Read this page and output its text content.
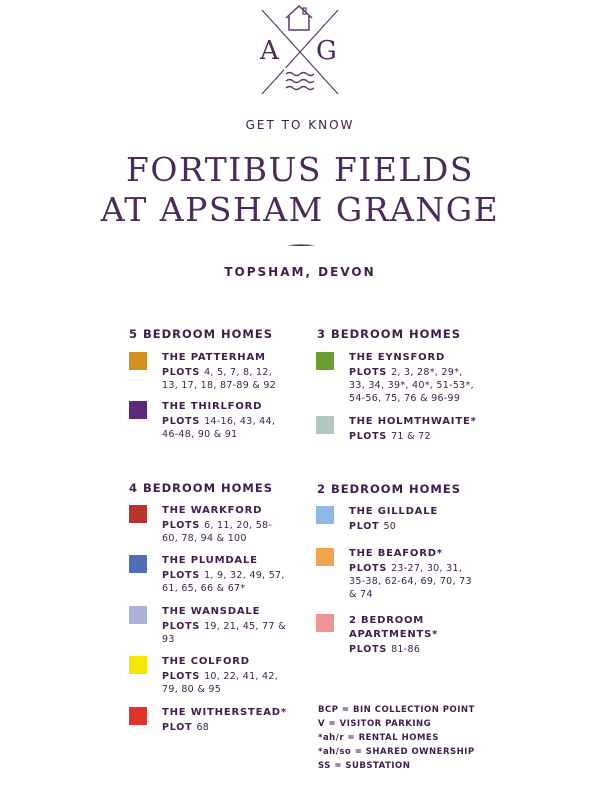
A G
GET TO KNOW
FORTIBUS FIELDS
AT APSHAM GRANGE
TOPSHAM, DEVON
5 BEDROOM HOMES
THE PATTERHAM
PLOTS 4, 5, 7, 8, 12, 13, 17, 18, 87-89 & 92
THE THIRLFORD
PLOTS 14-16, 43, 44, 46-48, 90 & 91
3 BEDROOM HOMES
THE EYNSFORD
PLOTS 2, 3, 28*, 29*, 33, 34, 39*, 40*, 51-53*, 54-56, 75, 76 & 96-99
THE HOLMTHWAITE*
PLOTS 71 & 72
4 BEDROOM HOMES
THE WARKFORD
PLOTS 6, 11, 20, 58-60, 78, 94 & 100
THE PLUMDALE
PLOTS 1, 9, 32, 49, 57, 61, 65, 66 & 67*
THE WANSDALE
PLOTS 19, 21, 45, 77 & 93
THE COLFORD
PLOTS 10, 22, 41, 42, 79, 80 & 95
THE WITHERSTEAD*
PLOT 68
2 BEDROOM HOMES
THE GILLDALE
PLOT 50
THE BEAFORD*
PLOTS 23-27, 30, 31, 35-38, 62-64, 69, 70, 73 & 74
2 BEDROOM
APARTMENTS*
PLOTS 81-86
BCP = BIN COLLECTION POINT
V = VISITOR PARKING
*ah/r = RENTAL HOMES
*ah/so = SHARED OWNERSHIP
SS = SUBSTATION
